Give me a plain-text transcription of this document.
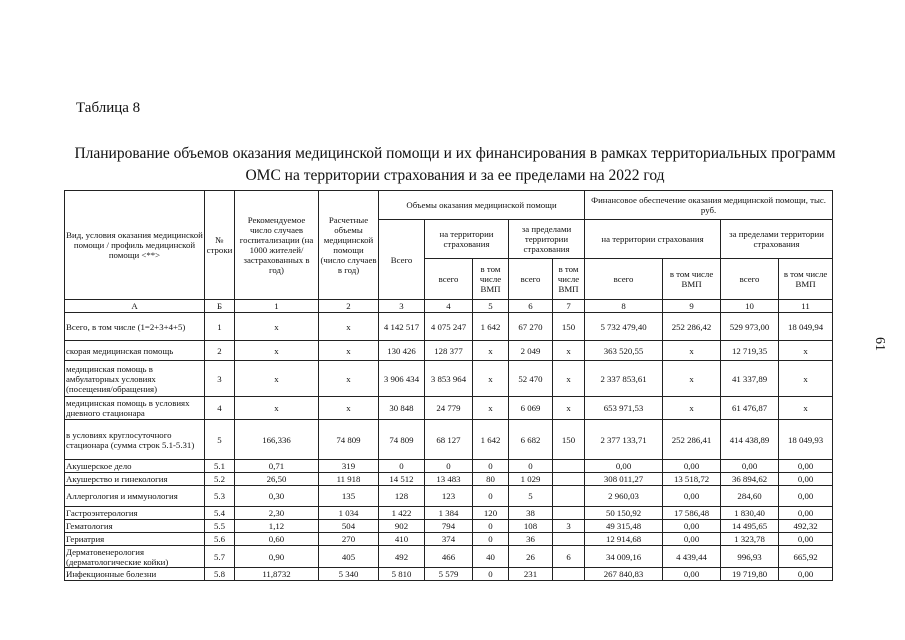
Таблица 8
Планирование объемов оказания медицинской помощи и их финансирования в рамках территориальных программ
ОМС на территории страхования и за ее пределами на 2022 год
61
Вид, условия оказания медицинской помощи / профиль медицинской помощи <**>	№ строки	Рекомендуемое число случаев госпитализации (на 1000 жителей/ застрахованных в год)	Расчетные объемы медицинской помощи (число случаев в год)	Объемы оказания медицинской помощи					Финансовое обеспечение оказания медицинской помощи, тыс. руб.			
				Всего	на территории страхования		за пределами территории страхования		на территории страхования		за пределами территории страхования	
					всего	в том числе ВМП	всего	в том числе ВМП	всего	в том числе ВМП	всего	в том числе ВМП
А	Б	1	2	3	4	5	6	7	8	9	10	11
Всего, в том числе (1=2+3+4+5)	1	х	х	4 142 517	4 075 247	1 642	67 270	150	5 732 479,40	252 286,42	529 973,00	18 049,94
скорая медицинская помощь	2	х	х	130 426	128 377	х	2 049	х	363 520,55	х	12 719,35	х
медицинская помощь в амбулаторных условиях (посещения/обращения)	3	х	х	3 906 434	3 853 964	х	52 470	х	2 337 853,61	х	41 337,89	х
медицинская помощь в условиях дневного стационара	4	х	х	30 848	24 779	х	6 069	х	653 971,53	х	61 476,87	х
в условиях круглосуточного стационара (сумма строк 5.1-5.31)	5	166,336	74 809	74 809	68 127	1 642	6 682	150	2 377 133,71	252 286,41	414 438,89	18 049,93
Акушерское дело	5.1	0,71	319	0	0	0	0		0,00	0,00	0,00	0,00
Акушерство и гинекология	5.2	26,50	11 918	14 512	13 483	80	1 029		308 011,27	13 518,72	36 894,62	0,00
Аллергология и иммунология	5.3	0,30	135	128	123	0	5		2 960,03	0,00	284,60	0,00
Гастроэнтерология	5.4	2,30	1 034	1 422	1 384	120	38		50 150,92	17 586,48	1 830,40	0,00
Гематология	5.5	1,12	504	902	794	0	108	3	49 315,48	0,00	14 495,65	492,32
Гериатрия	5.6	0,60	270	410	374	0	36		12 914,68	0,00	1 323,78	0,00
Дерматовенерология (дерматологические койки)	5.7	0,90	405	492	466	40	26	6	34 009,16	4 439,44	996,93	665,92
Инфекционные болезни	5.8	11,8732	5 340	5 810	5 579	0	231		267 840,83	0,00	19 719,80	0,00
